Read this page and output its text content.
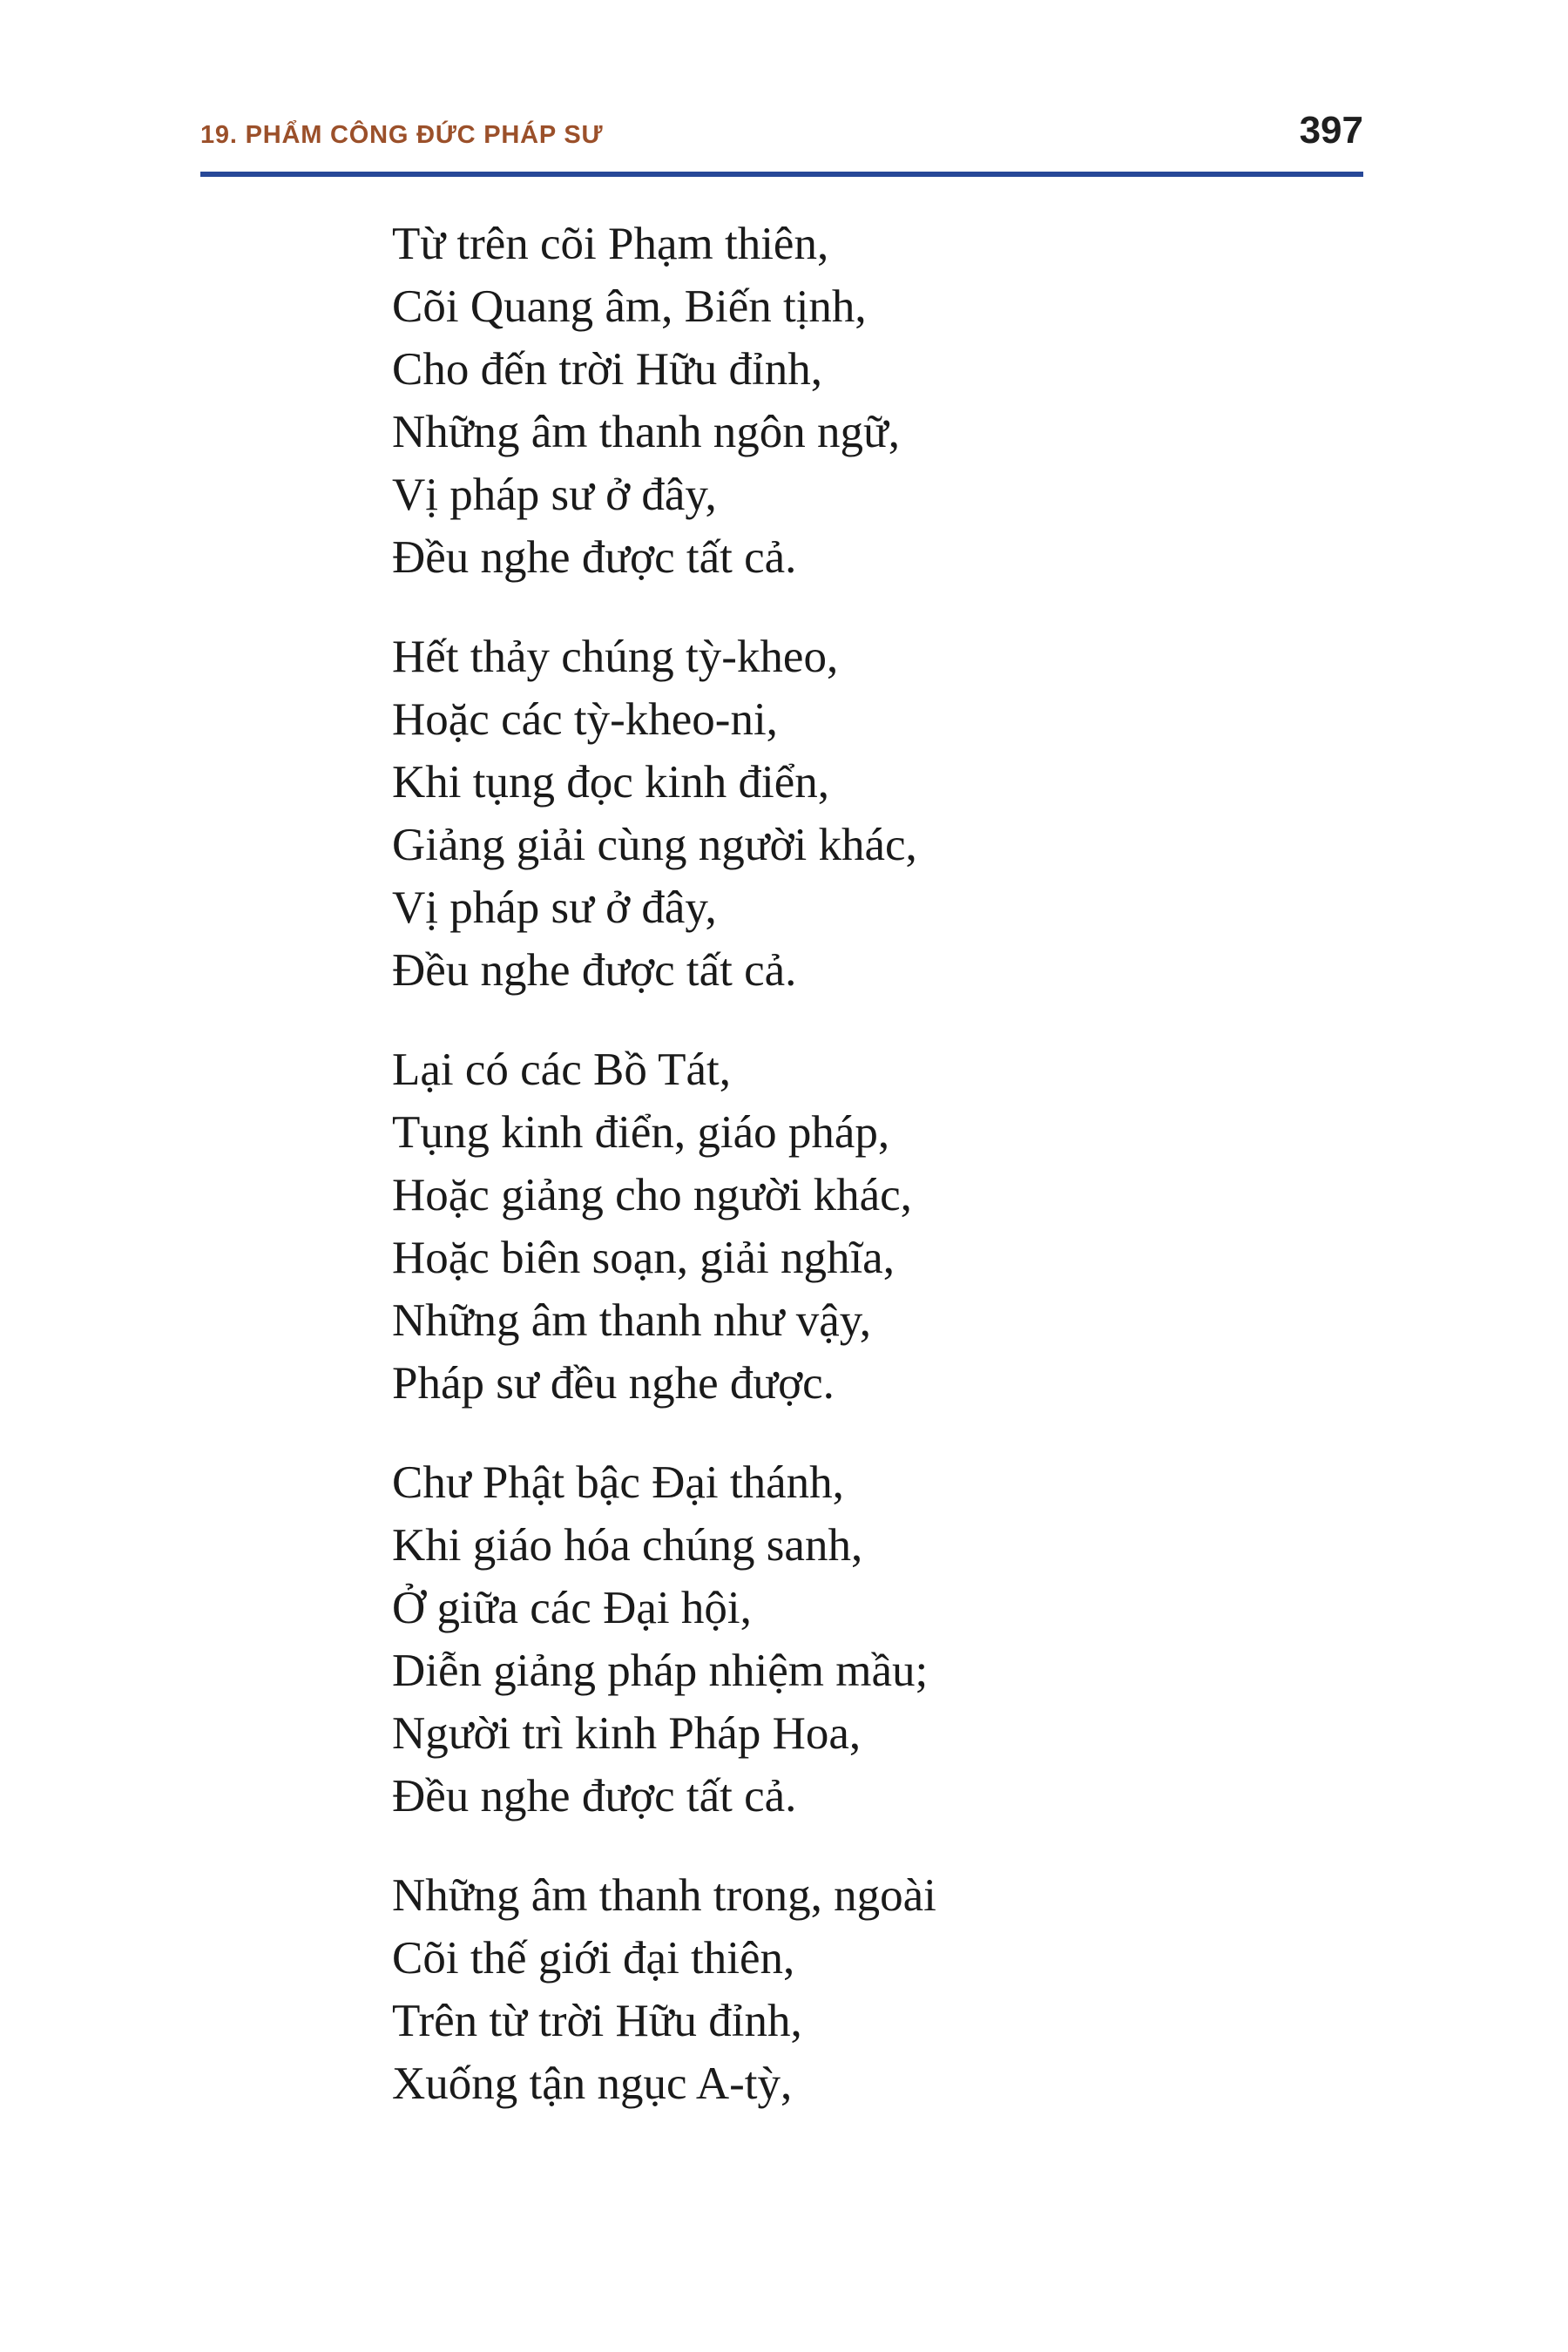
19. PHẨM CÔNG ĐỨC PHÁP SƯ	397
Từ trên cõi Phạm thiên,
Cõi Quang âm, Biến tịnh,
Cho đến trời Hữu đỉnh,
Những âm thanh ngôn ngữ,
Vị pháp sư ở đây,
Đều nghe được tất cả.
Hết thảy chúng tỳ-kheo,
Hoặc các tỳ-kheo-ni,
Khi tụng đọc kinh điển,
Giảng giải cùng người khác,
Vị pháp sư ở đây,
Đều nghe được tất cả.
Lại có các Bồ Tát,
Tụng kinh điển, giáo pháp,
Hoặc giảng cho người khác,
Hoặc biên soạn, giải nghĩa,
Những âm thanh như vậy,
Pháp sư đều nghe được.
Chư Phật bậc Đại thánh,
Khi giáo hóa chúng sanh,
Ở giữa các Đại hội,
Diễn giảng pháp nhiệm mầu;
Người trì kinh Pháp Hoa,
Đều nghe được tất cả.
Những âm thanh trong, ngoài
Cõi thế giới đại thiên,
Trên từ trời Hữu đỉnh,
Xuống tận ngục A-tỳ,
